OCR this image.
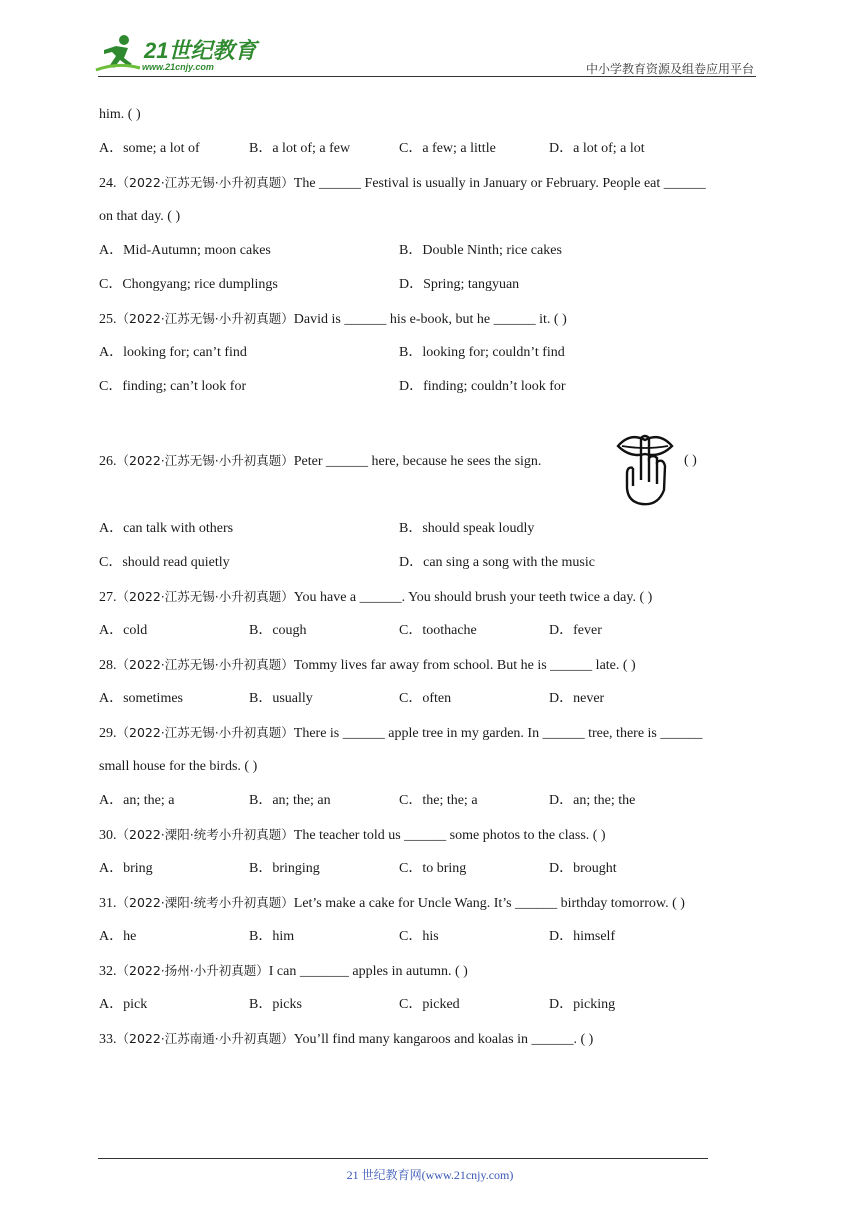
21世纪教育
www.21cnjy.com	中小学教育资源及组卷应用平台
him. ( )
A．some; a lot of	B．a lot of; a few	C．a few; a little	D．a lot of; a lot
24.（2022·江苏无锡·小升初真题）The ______ Festival is usually in January or February. People eat ______
on that day. ( )
A．Mid-Autumn; moon cakes	B．Double Ninth; rice cakes
C．Chongyang; rice dumplings	D．Spring; tangyuan
25.（2022·江苏无锡·小升初真题）David is ______ his e-book, but he ______ it. ( )
A．looking for; can’t find	B．looking for; couldn’t find
C．finding; can’t look for	D．finding; couldn’t look for
26.（2022·江苏无锡·小升初真题）Peter ______ here, because he sees the sign.	( )
A．can talk with others	B．should speak loudly
C．should read quietly	D．can sing a song with the music
27.（2022·江苏无锡·小升初真题）You have a ______. You should brush your teeth twice a day. ( )
A．cold	B．cough	C．toothache	D．fever
28.（2022·江苏无锡·小升初真题）Tommy lives far away from school. But he is ______ late. ( )
A．sometimes	B．usually	C．often	D．never
29.（2022·江苏无锡·小升初真题）There is ______ apple tree in my garden. In ______ tree, there is ______
small house for the birds. ( )
A．an; the; a	B．an; the; an	C．the; the; a	D．an; the; the
30.（2022·溧阳·统考小升初真题）The teacher told us ______ some photos to the class. ( )
A．bring	B．bringing	C．to bring	D．brought
31.（2022·溧阳·统考小升初真题）Let’s make a cake for Uncle Wang. It’s ______ birthday tomorrow. ( )
A．he	B．him	C．his	D．himself
32.（2022·扬州·小升初真题）I can _______ apples in autumn. ( )
A．pick	B．picks	C．picked	D．picking
33.（2022·江苏南通·小升初真题）You’ll find many kangaroos and koalas in ______. ( )
21 世纪教育网(www.21cnjy.com)
